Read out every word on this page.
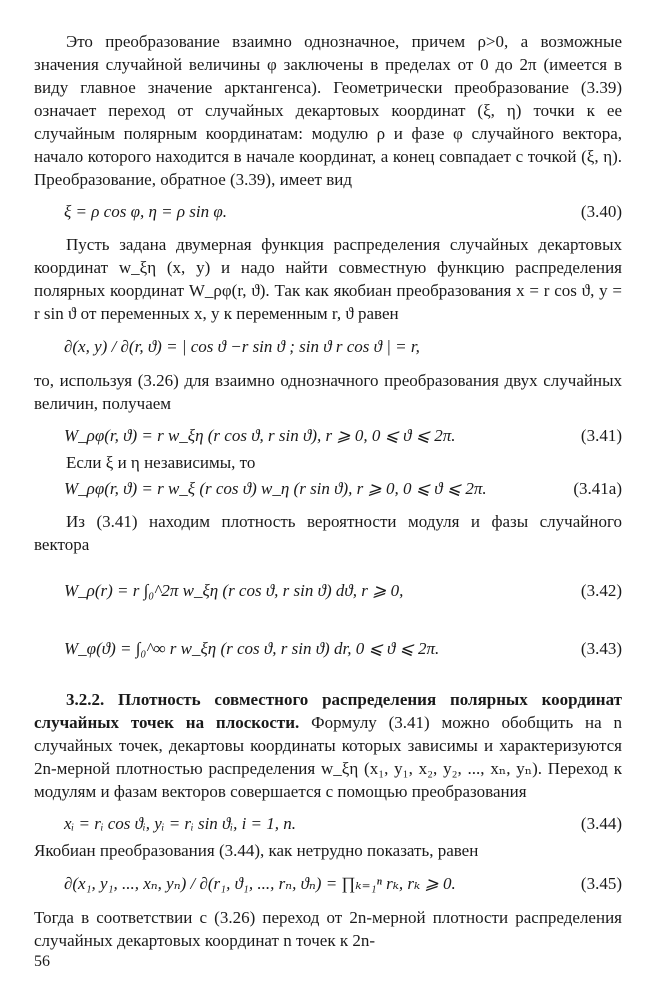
Это преобразование взаимно однозначное, причем ρ>0, а возможные значения случайной величины φ заключены в пределах от 0 до 2π (имеется в виду главное значение арктангенса). Геометрически преобразование (3.39) означает переход от случайных декартовых координат (ξ, η) точки к ее случайным полярным координатам: модулю ρ и фазе φ случайного вектора, начало которого находится в начале координат, а конец совпадает с точкой (ξ, η). Преобразование, обратное (3.39), имеет вид

ξ = ρ cos φ, η = ρ sin φ.	(3.40)

Пусть задана двумерная функция распределения случайных декартовых координат w_ξη (x, y) и надо найти совместную функцию распределения полярных координат W_ρφ(r, ϑ). Так как якобиан преобразования x = r cos ϑ, y = r sin ϑ от переменных x, y к переменным r, ϑ равен

∂(x, y) / ∂(r, ϑ) = | cos ϑ −r sin ϑ ; sin ϑ r cos ϑ | = r,

то, используя (3.26) для взаимно однозначного преобразования двух случайных величин, получаем

W_ρφ(r, ϑ) = r w_ξη (r cos ϑ, r sin ϑ), r ⩾ 0, 0 ⩽ ϑ ⩽ 2π.	(3.41)

Если ξ и η независимы, то

W_ρφ(r, ϑ) = r w_ξ (r cos ϑ) w_η (r sin ϑ), r ⩾ 0, 0 ⩽ ϑ ⩽ 2π.	(3.41a)

Из (3.41) находим плотность вероятности модуля и фазы случайного вектора

W_ρ(r) = r ∫₀^2π w_ξη (r cos ϑ, r sin ϑ) dϑ, r ⩾ 0,	(3.42)
W_φ(ϑ) = ∫₀^∞ r w_ξη (r cos ϑ, r sin ϑ) dr, 0 ⩽ ϑ ⩽ 2π.	(3.43)

3.2.2. Плотность совместного распределения полярных координат случайных точек на плоскости. Формулу (3.41) можно обобщить на n случайных точек, декартовы координаты которых зависимы и характеризуются 2n-мерной плотностью распределения w_ξη (x₁, y₁, x₂, y₂, ..., xₙ, yₙ). Переход к модулям и фазам векторов совершается с помощью преобразования

xᵢ = rᵢ cos ϑᵢ, yᵢ = rᵢ sin ϑᵢ, i = 1, n.	(3.44)

Якобиан преобразования (3.44), как нетрудно показать, равен

∂(x₁, y₁, ..., xₙ, yₙ) / ∂(r₁, ϑ₁, ..., rₙ, ϑₙ) = ∏ₖ₌₁ⁿ rₖ, rₖ ⩾ 0.	(3.45)

Тогда в соответствии с (3.26) переход от 2n-мерной плотности распределения случайных декартовых координат n точек к 2n-

56
